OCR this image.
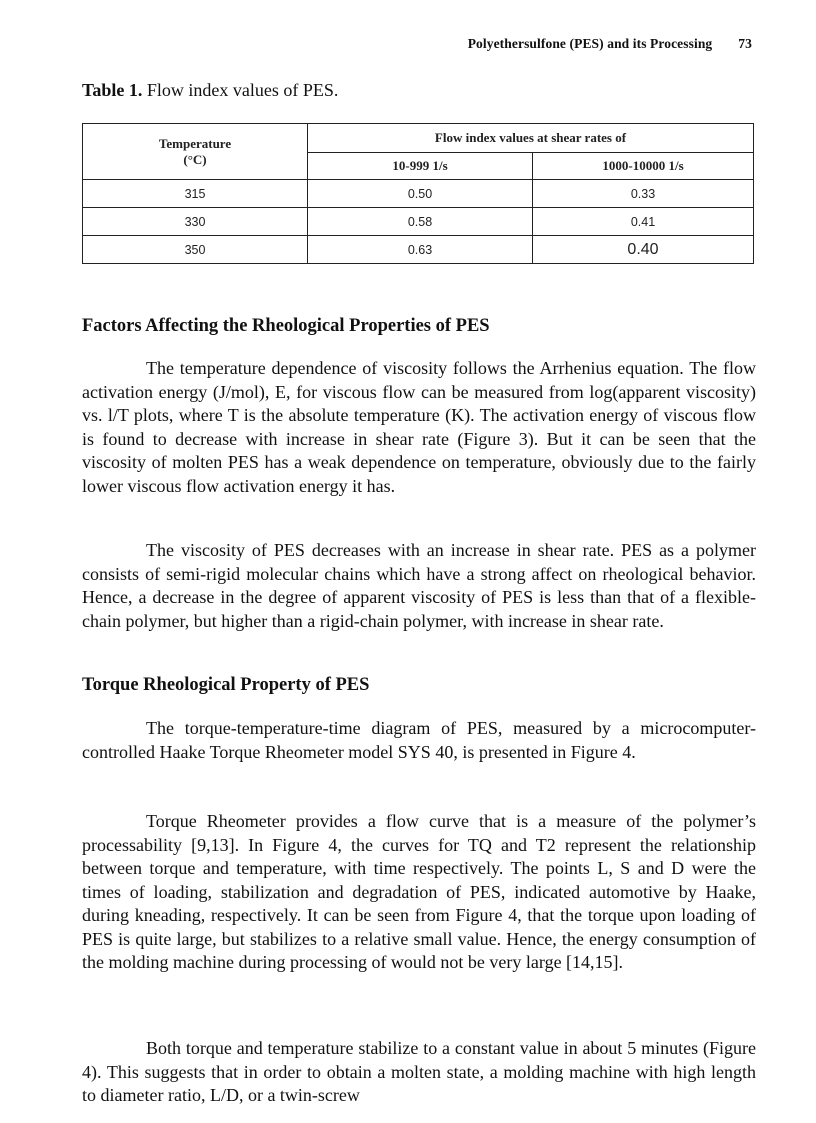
Polyethersulfone (PES) and its Processing 73
Table 1. Flow index values of PES.
Temperature
(°C)	Flow index values at shear rates of	
	10-999 1/s	1000-10000 1/s
315	0.50	0.33
330	0.58	0.41
350	0.63	0.40
Factors Affecting the Rheological Properties of PES

The temperature dependence of viscosity follows the Arrhenius equation. The flow activation energy (J/mol), E, for viscous flow can be measured from log(apparent viscosity) vs. l/T plots, where T is the absolute temperature (K). The activation energy of viscous flow is found to decrease with increase in shear rate (Figure 3). But it can be seen that the viscosity of molten PES has a weak dependence on temperature, obviously due to the fairly lower viscous flow activation energy it has.

The viscosity of PES decreases with an increase in shear rate. PES as a polymer consists of semi-rigid molecular chains which have a strong affect on rheological behavior. Hence, a decrease in the degree of apparent viscosity of PES is less than that of a flexible-chain polymer, but higher than a rigid-chain polymer, with increase in shear rate.

Torque Rheological Property of PES

The torque-temperature-time diagram of PES, measured by a microcomputer-controlled Haake Torque Rheometer model SYS 40, is presented in Figure 4.

Torque Rheometer provides a flow curve that is a measure of the polymer’s processability [9,13]. In Figure 4, the curves for TQ and T2 represent the relationship between torque and temperature, with time respectively. The points L, S and D were the times of loading, stabilization and degradation of PES, indicated automotive by Haake, during kneading, respectively. It can be seen from Figure 4, that the torque upon loading of PES is quite large, but stabilizes to a relative small value. Hence, the energy consumption of the molding machine during processing of would not be very large [14,15].

Both torque and temperature stabilize to a constant value in about 5 minutes (Figure 4). This suggests that in order to obtain a molten state, a molding machine with high length to diameter ratio, L/D, or a twin-screw
